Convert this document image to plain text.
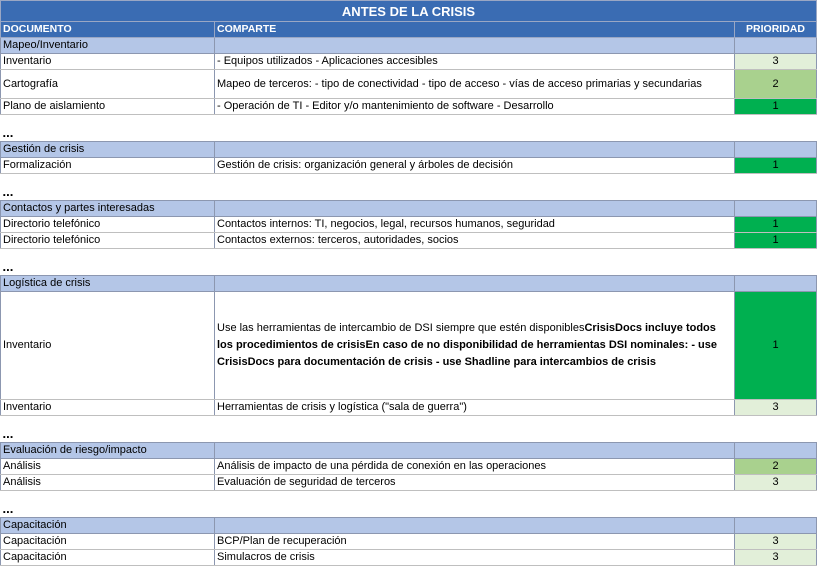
ANTES DE LA CRISIS		
DOCUMENTO	COMPARTE	PRIORIDAD
Mapeo/Inventario		
Inventario	- Equipos utilizados - Aplicaciones accesibles	3
Cartografía	Mapeo de terceros: - tipo de conectividad - tipo de acceso - vías de acceso primarias y secundarias	2
Plano de aislamiento	- Operación de TI - Editor y/o mantenimiento de software - Desarrollo	1
...		
Gestión de crisis		
Formalización	Gestión de crisis: organización general y árboles de decisión	1
...		
Contactos y partes interesadas		
Directorio telefónico	Contactos internos: TI, negocios, legal, recursos humanos, seguridad	1
Directorio telefónico	Contactos externos: terceros, autoridades, socios	1
...		
Logística de crisis		
Inventario	Use las herramientas de intercambio de DSI siempre que estén disponiblesCrisisDocs incluye todos los procedimientos de crisisEn caso de no disponibilidad de herramientas DSI nominales: - use CrisisDocs para documentación de crisis - use Shadline para intercambios de crisis	1
Inventario	Herramientas de crisis y logística ("sala de guerra")	3
...		
Evaluación de riesgo/impacto		
Análisis	Análisis de impacto de una pérdida de conexión en las operaciones	2
Análisis	Evaluación de seguridad de terceros	3
...		
Capacitación		
Capacitación	BCP/Plan de recuperación	3
Capacitación	Simulacros de crisis	3
